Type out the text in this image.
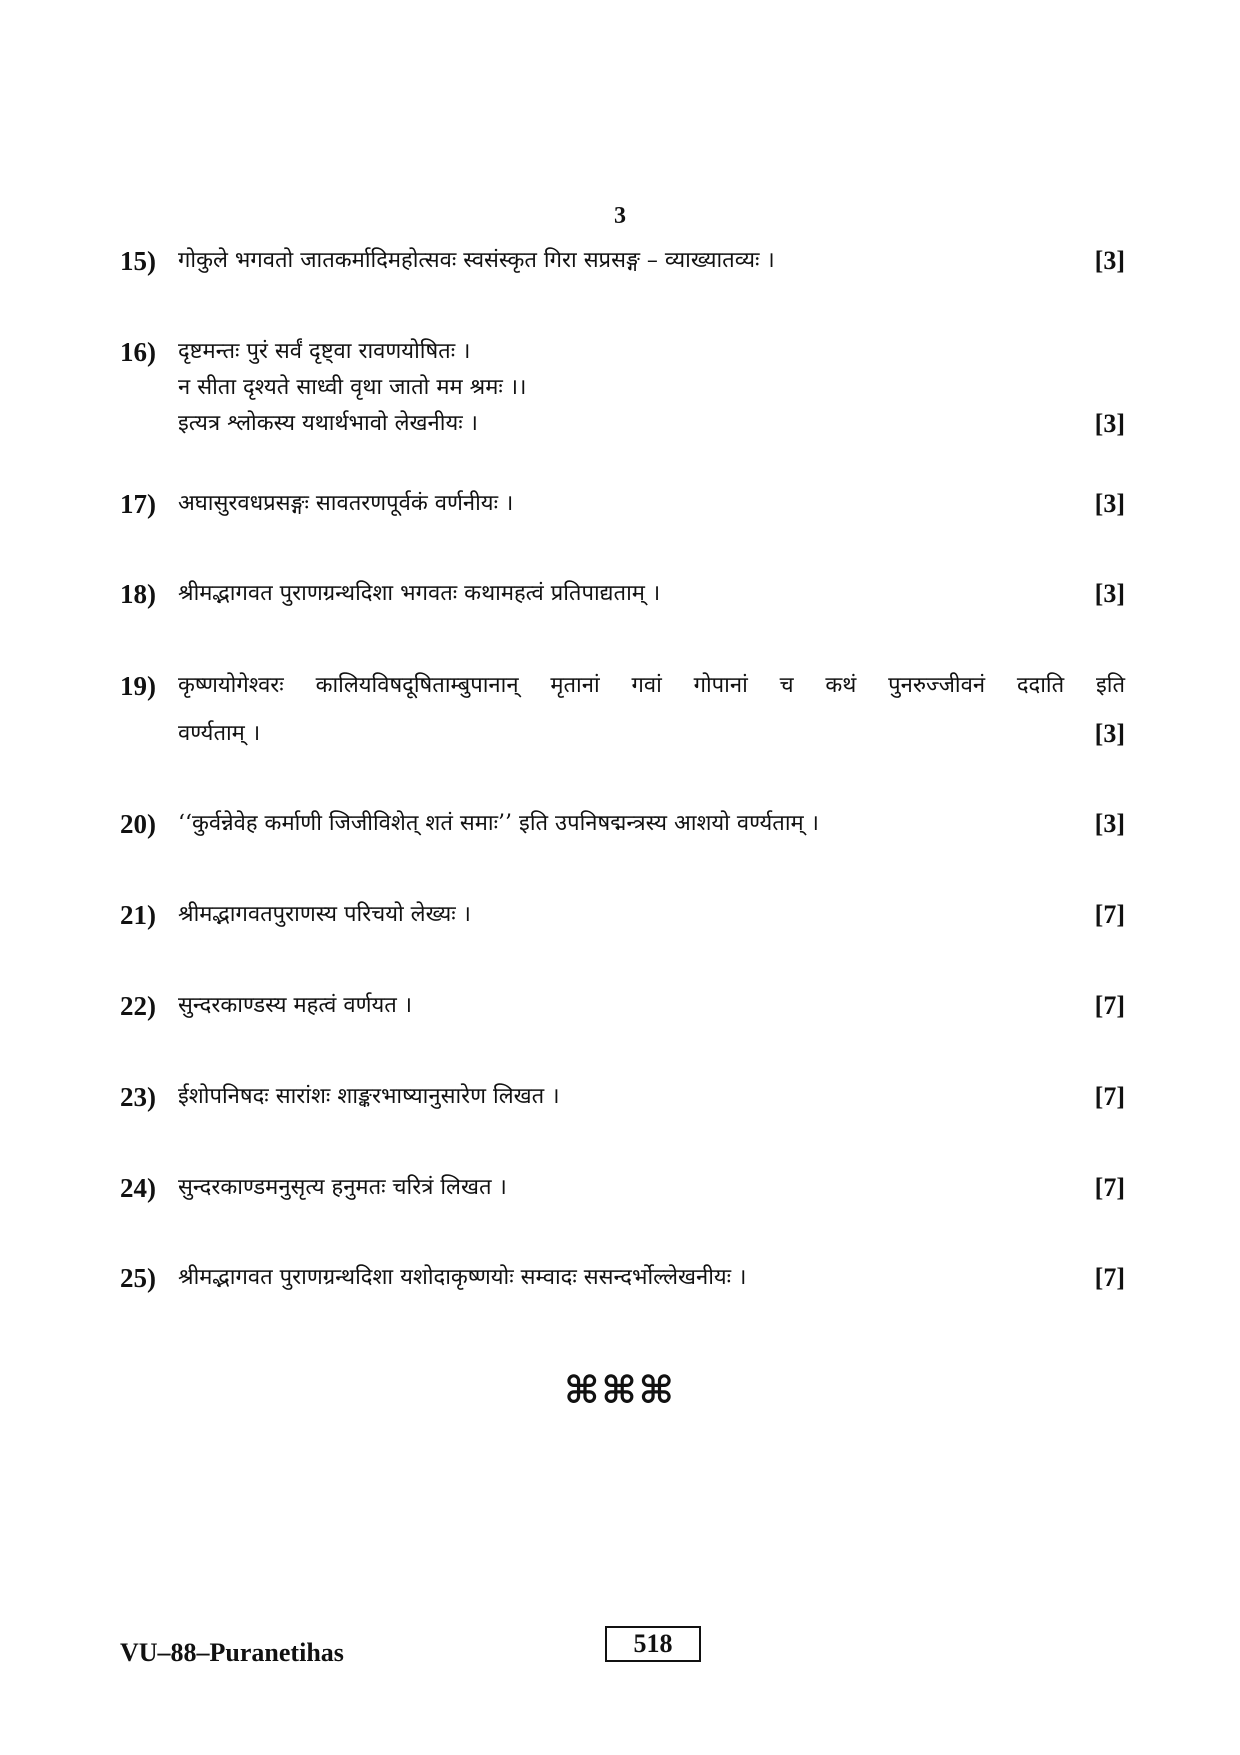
3
15) गोकुले भगवतो जातकर्मादिमहोत्सवः स्वसंस्कृत गिरा सप्रसङ्ग – व्याख्यातव्यः ।	[3]
16) दृष्टमन्तः पुरं सर्वं दृष्ट्वा रावणयोषितः ।
न सीता दृश्यते साध्वी वृथा जातो मम श्रमः ।।
इत्यत्र श्लोकस्य यथार्थभावो लेखनीयः ।	[3]
17) अघासुरवधप्रसङ्गः सावतरणपूर्वकं वर्णनीयः ।	[3]
18) श्रीमद्भागवत पुराणग्रन्थदिशा भगवतः कथामहत्वं प्रतिपाद्यताम् ।	[3]
19) कृष्णयोगेश्वरः कालियविषदूषिताम्बुपानान् मृतानां गवां गोपानां च कथं पुनरुज्जीवनं ददाति इति
वर्ण्यताम् ।	[3]
20) ‘‘कुर्वन्नेवेह कर्माणी जिजीविशेत् शतं समाः’’ इति उपनिषद्मन्त्रस्य आशयो वर्ण्यताम् ।	[3]
21) श्रीमद्भागवतपुराणस्य परिचयो लेख्यः ।	[7]
22) सुन्दरकाण्डस्य महत्वं वर्णयत ।	[7]
23) ईशोपनिषदः सारांशः शाङ्करभाष्यानुसारेण लिखत ।	[7]
24) सुन्दरकाण्डमनुसृत्य हनुमतः चरित्रं लिखत ।	[7]
25) श्रीमद्भागवत पुराणग्रन्थदिशा यशोदाकृष्णयोः सम्वादः ससन्दर्भोल्लेखनीयः ।	[7]
⌘⌘⌘
VU–88–Puranetihas	518
